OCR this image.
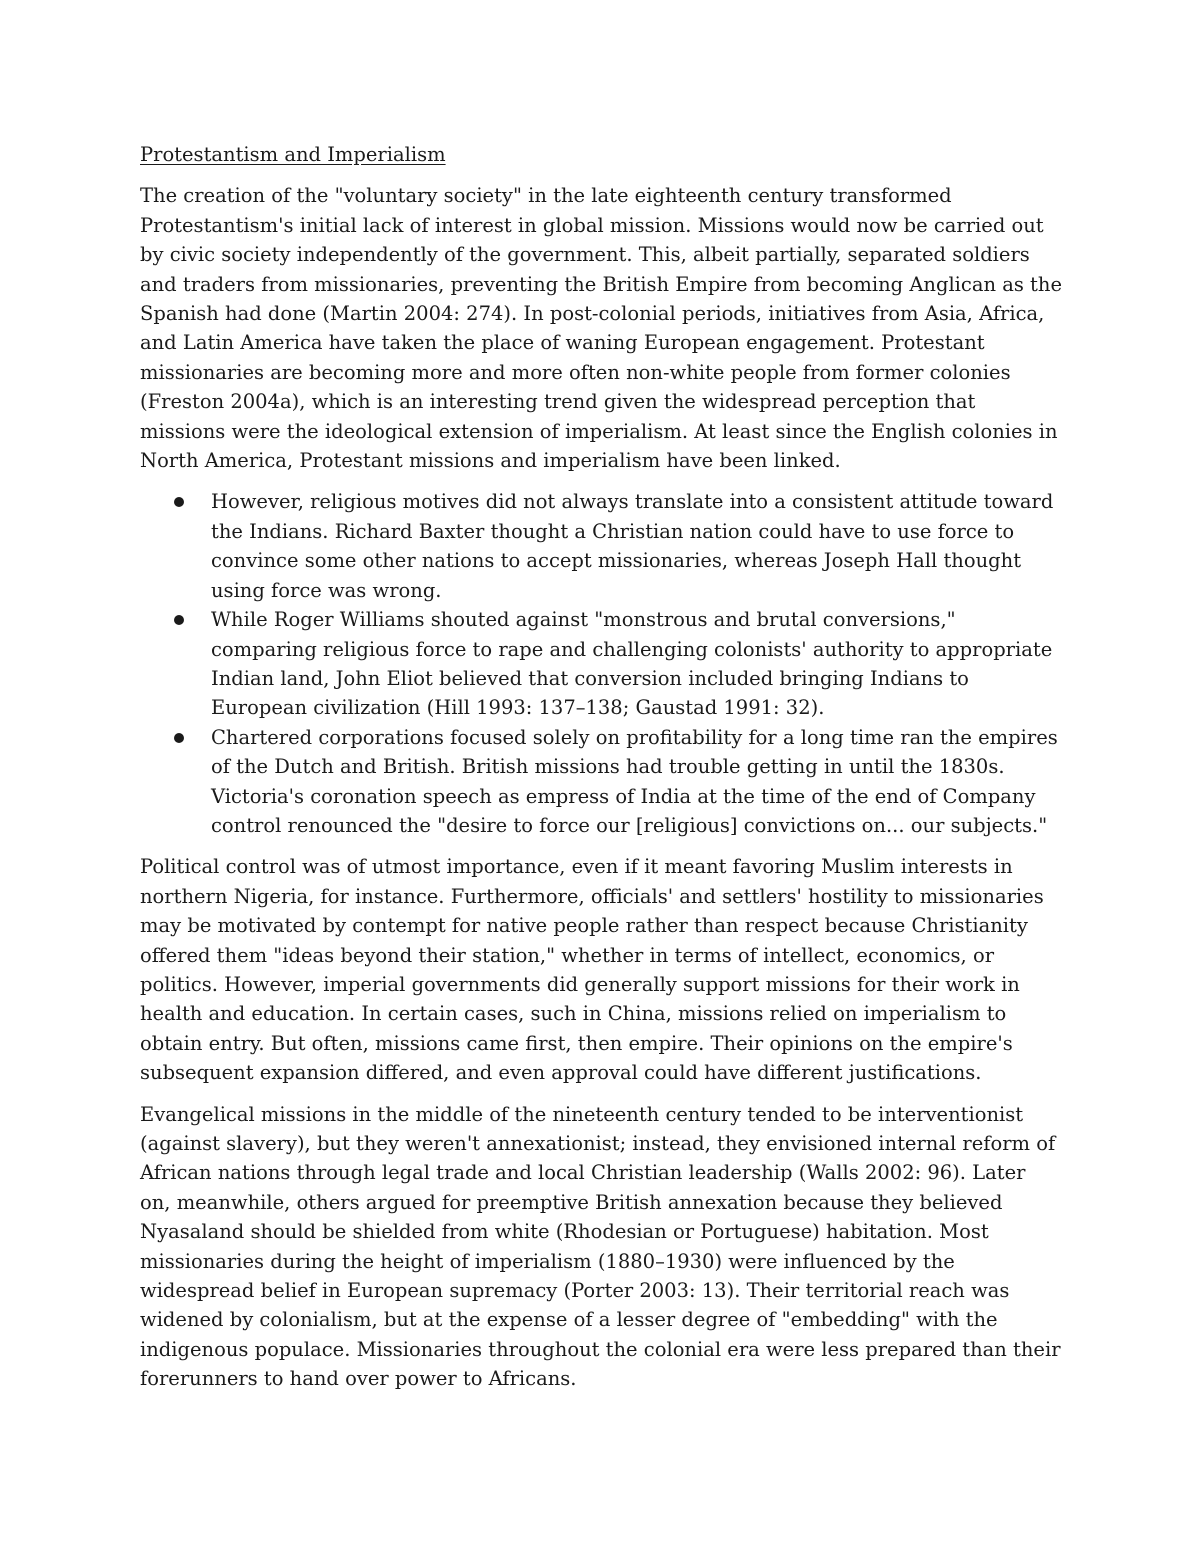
Protestantism and Imperialism

The creation of the "voluntary society" in the late eighteenth century transformed Protestantism's initial lack of interest in global mission. Missions would now be carried out by civic society independently of the government. This, albeit partially, separated soldiers and traders from missionaries, preventing the British Empire from becoming Anglican as the Spanish had done (Martin 2004: 274). In post-colonial periods, initiatives from Asia, Africa, and Latin America have taken the place of waning European engagement. Protestant missionaries are becoming more and more often non-white people from former colonies (Freston 2004a), which is an interesting trend given the widespread perception that missions were the ideological extension of imperialism. At least since the English colonies in North America, Protestant missions and imperialism have been linked.

However, religious motives did not always translate into a consistent attitude toward the Indians. Richard Baxter thought a Christian nation could have to use force to convince some other nations to accept missionaries, whereas Joseph Hall thought using force was wrong.
While Roger Williams shouted against "monstrous and brutal conversions," comparing religious force to rape and challenging colonists' authority to appropriate Indian land, John Eliot believed that conversion included bringing Indians to European civilization (Hill 1993: 137–138; Gaustad 1991: 32).
Chartered corporations focused solely on profitability for a long time ran the empires of the Dutch and British. British missions had trouble getting in until the 1830s. Victoria's coronation speech as empress of India at the time of the end of Company control renounced the "desire to force our [religious] convictions on... our subjects."

Political control was of utmost importance, even if it meant favoring Muslim interests in northern Nigeria, for instance. Furthermore, officials' and settlers' hostility to missionaries may be motivated by contempt for native people rather than respect because Christianity offered them "ideas beyond their station," whether in terms of intellect, economics, or politics. However, imperial governments did generally support missions for their work in health and education. In certain cases, such in China, missions relied on imperialism to obtain entry. But often, missions came first, then empire. Their opinions on the empire's subsequent expansion differed, and even approval could have different justifications.

Evangelical missions in the middle of the nineteenth century tended to be interventionist (against slavery), but they weren't annexationist; instead, they envisioned internal reform of African nations through legal trade and local Christian leadership (Walls 2002: 96). Later on, meanwhile, others argued for preemptive British annexation because they believed Nyasaland should be shielded from white (Rhodesian or Portuguese) habitation. Most missionaries during the height of imperialism (1880–1930) were influenced by the widespread belief in European supremacy (Porter 2003: 13). Their territorial reach was widened by colonialism, but at the expense of a lesser degree of "embedding" with the indigenous populace. Missionaries throughout the colonial era were less prepared than their forerunners to hand over power to Africans.
